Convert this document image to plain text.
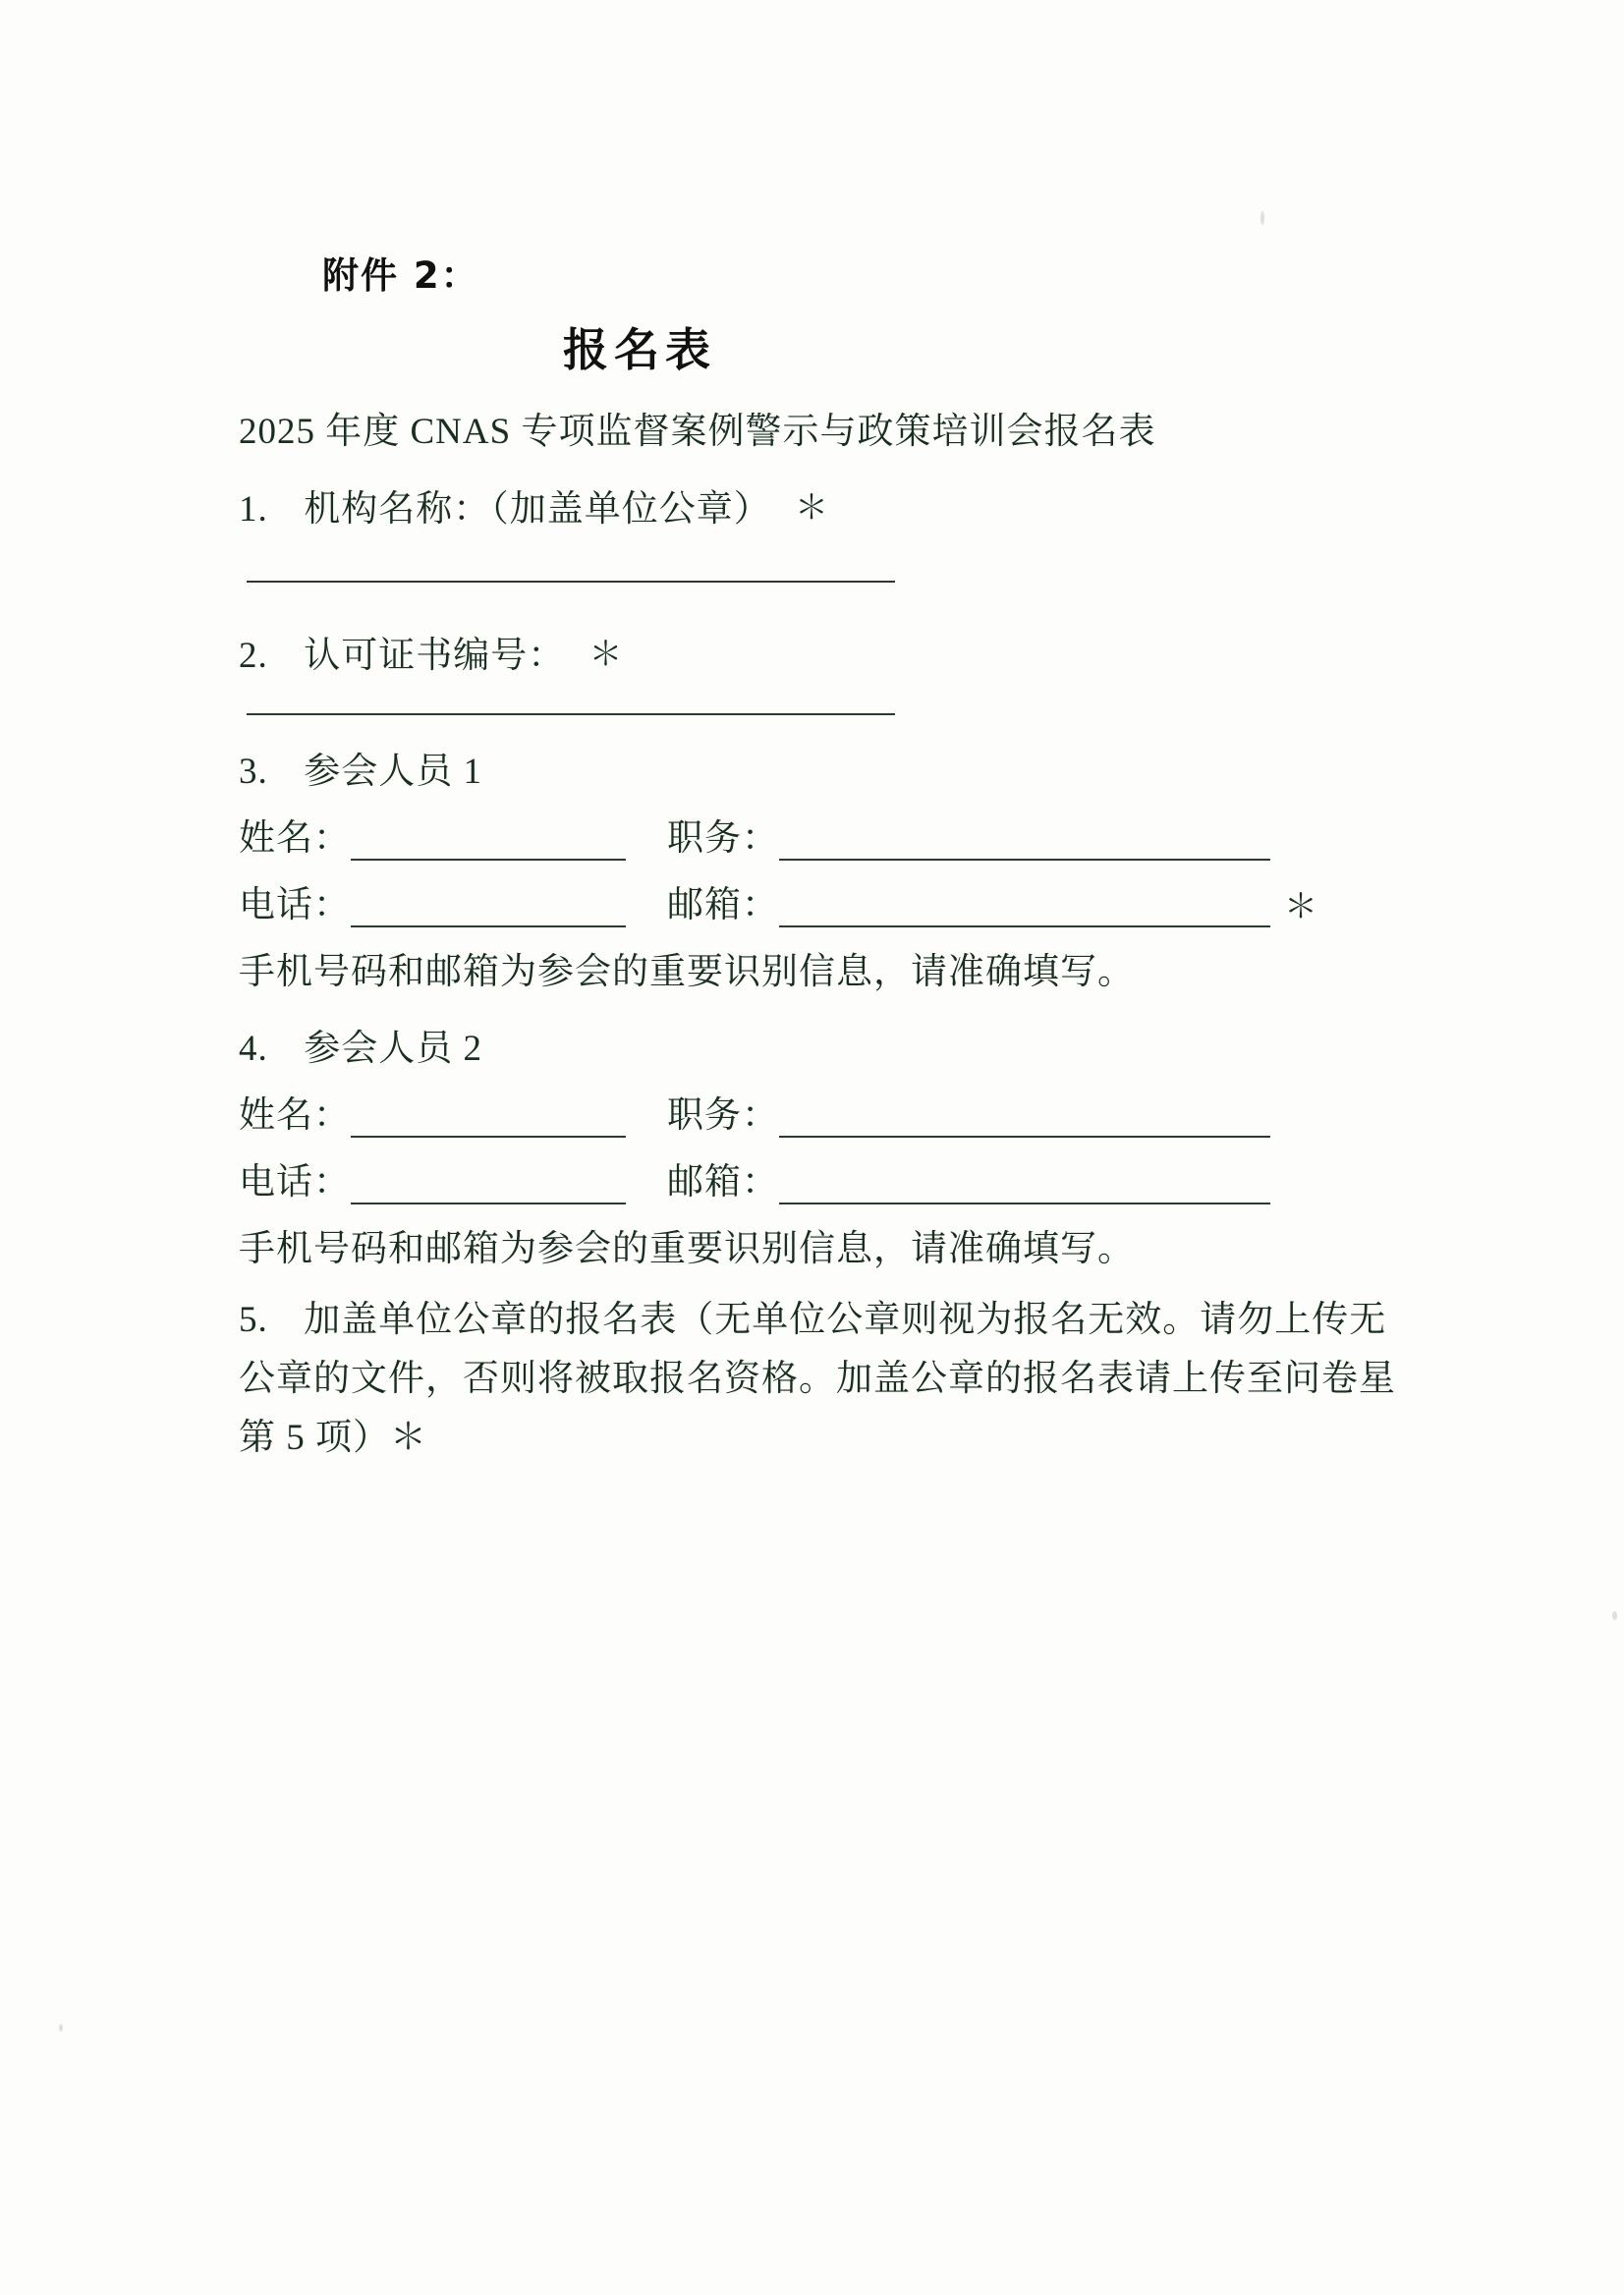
附件 2：
报名表
2025 年度 CNAS 专项监督案例警示与政策培训会报名表
1. 机构名称：（加盖单位公章） ＊
2. 认可证书编号： ＊
3. 参会人员 1
姓名：	职务：
电话：	邮箱：	＊
手机号码和邮箱为参会的重要识别信息，请准确填写。
4. 参会人员 2
姓名：	职务：
电话：	邮箱：
手机号码和邮箱为参会的重要识别信息，请准确填写。
5. 加盖单位公章的报名表（无单位公章则视为报名无效。请勿上传无公章的文件，否则将被取报名资格。加盖公章的报名表请上传至问卷星第 5 项）＊
